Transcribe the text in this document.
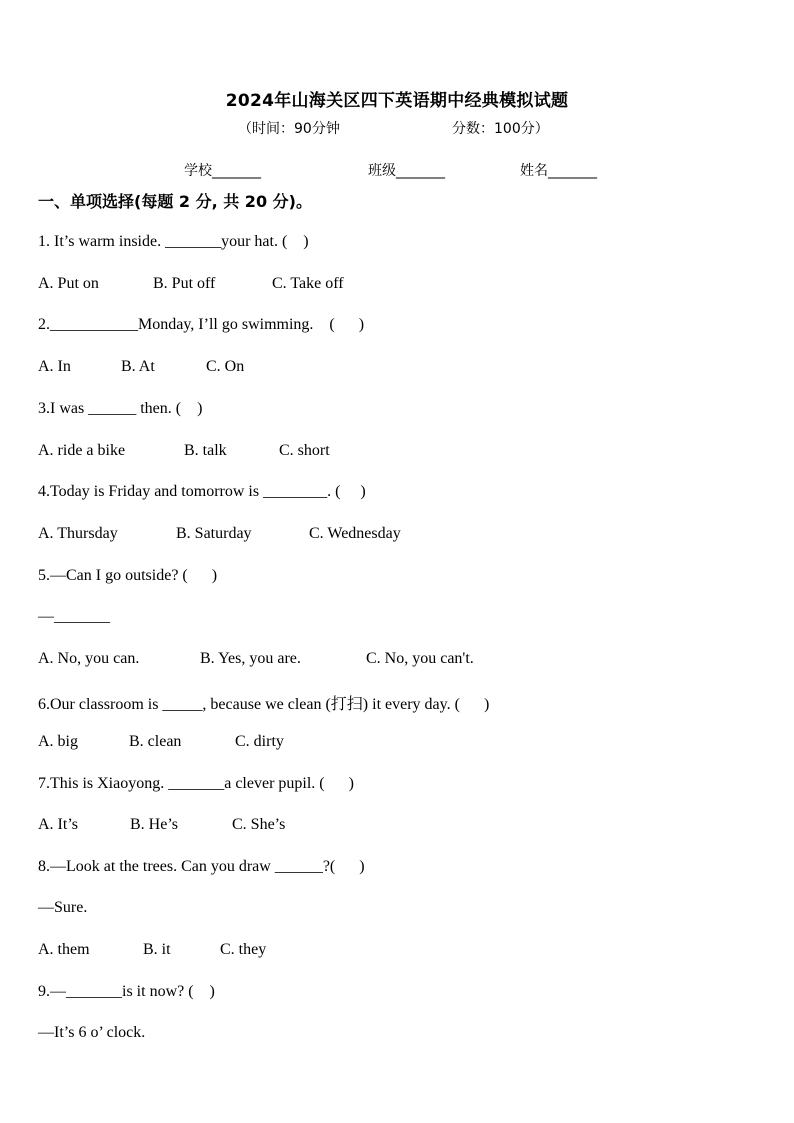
2024年山海关区四下英语期中经典模拟试题
（时间：90分钟	分数：100分）
学校_______	班级_______	姓名_______
一、单项选择(每题 2 分, 共 20 分)。
1. It’s warm inside. _______your hat. (    )
A. Put on	B. Put off	C. Take off
2.___________Monday, I’ll go swimming.    (      )
A. In	B. At	C. On
3.I was ______ then. (    )
A. ride a bike	B. talk	C. short
4.Today is Friday and tomorrow is ________. (     )
A. Thursday	B. Saturday	C. Wednesday
5.—Can I go outside? (      )
—_______
A. No, you can.	B. Yes, you are.	C. No, you can't.
6.Our classroom is _____, because we clean (打扫) it every day. (      )
A. big	B. clean	C. dirty
7.This is Xiaoyong. _______a clever pupil. (      )
A. It’s	B. He’s	C. She’s
8.—Look at the trees. Can you draw ______?(      )
—Sure.
A. them	B. it	C. they
9.—_______is it now? (    )
—It’s 6 o’ clock.
